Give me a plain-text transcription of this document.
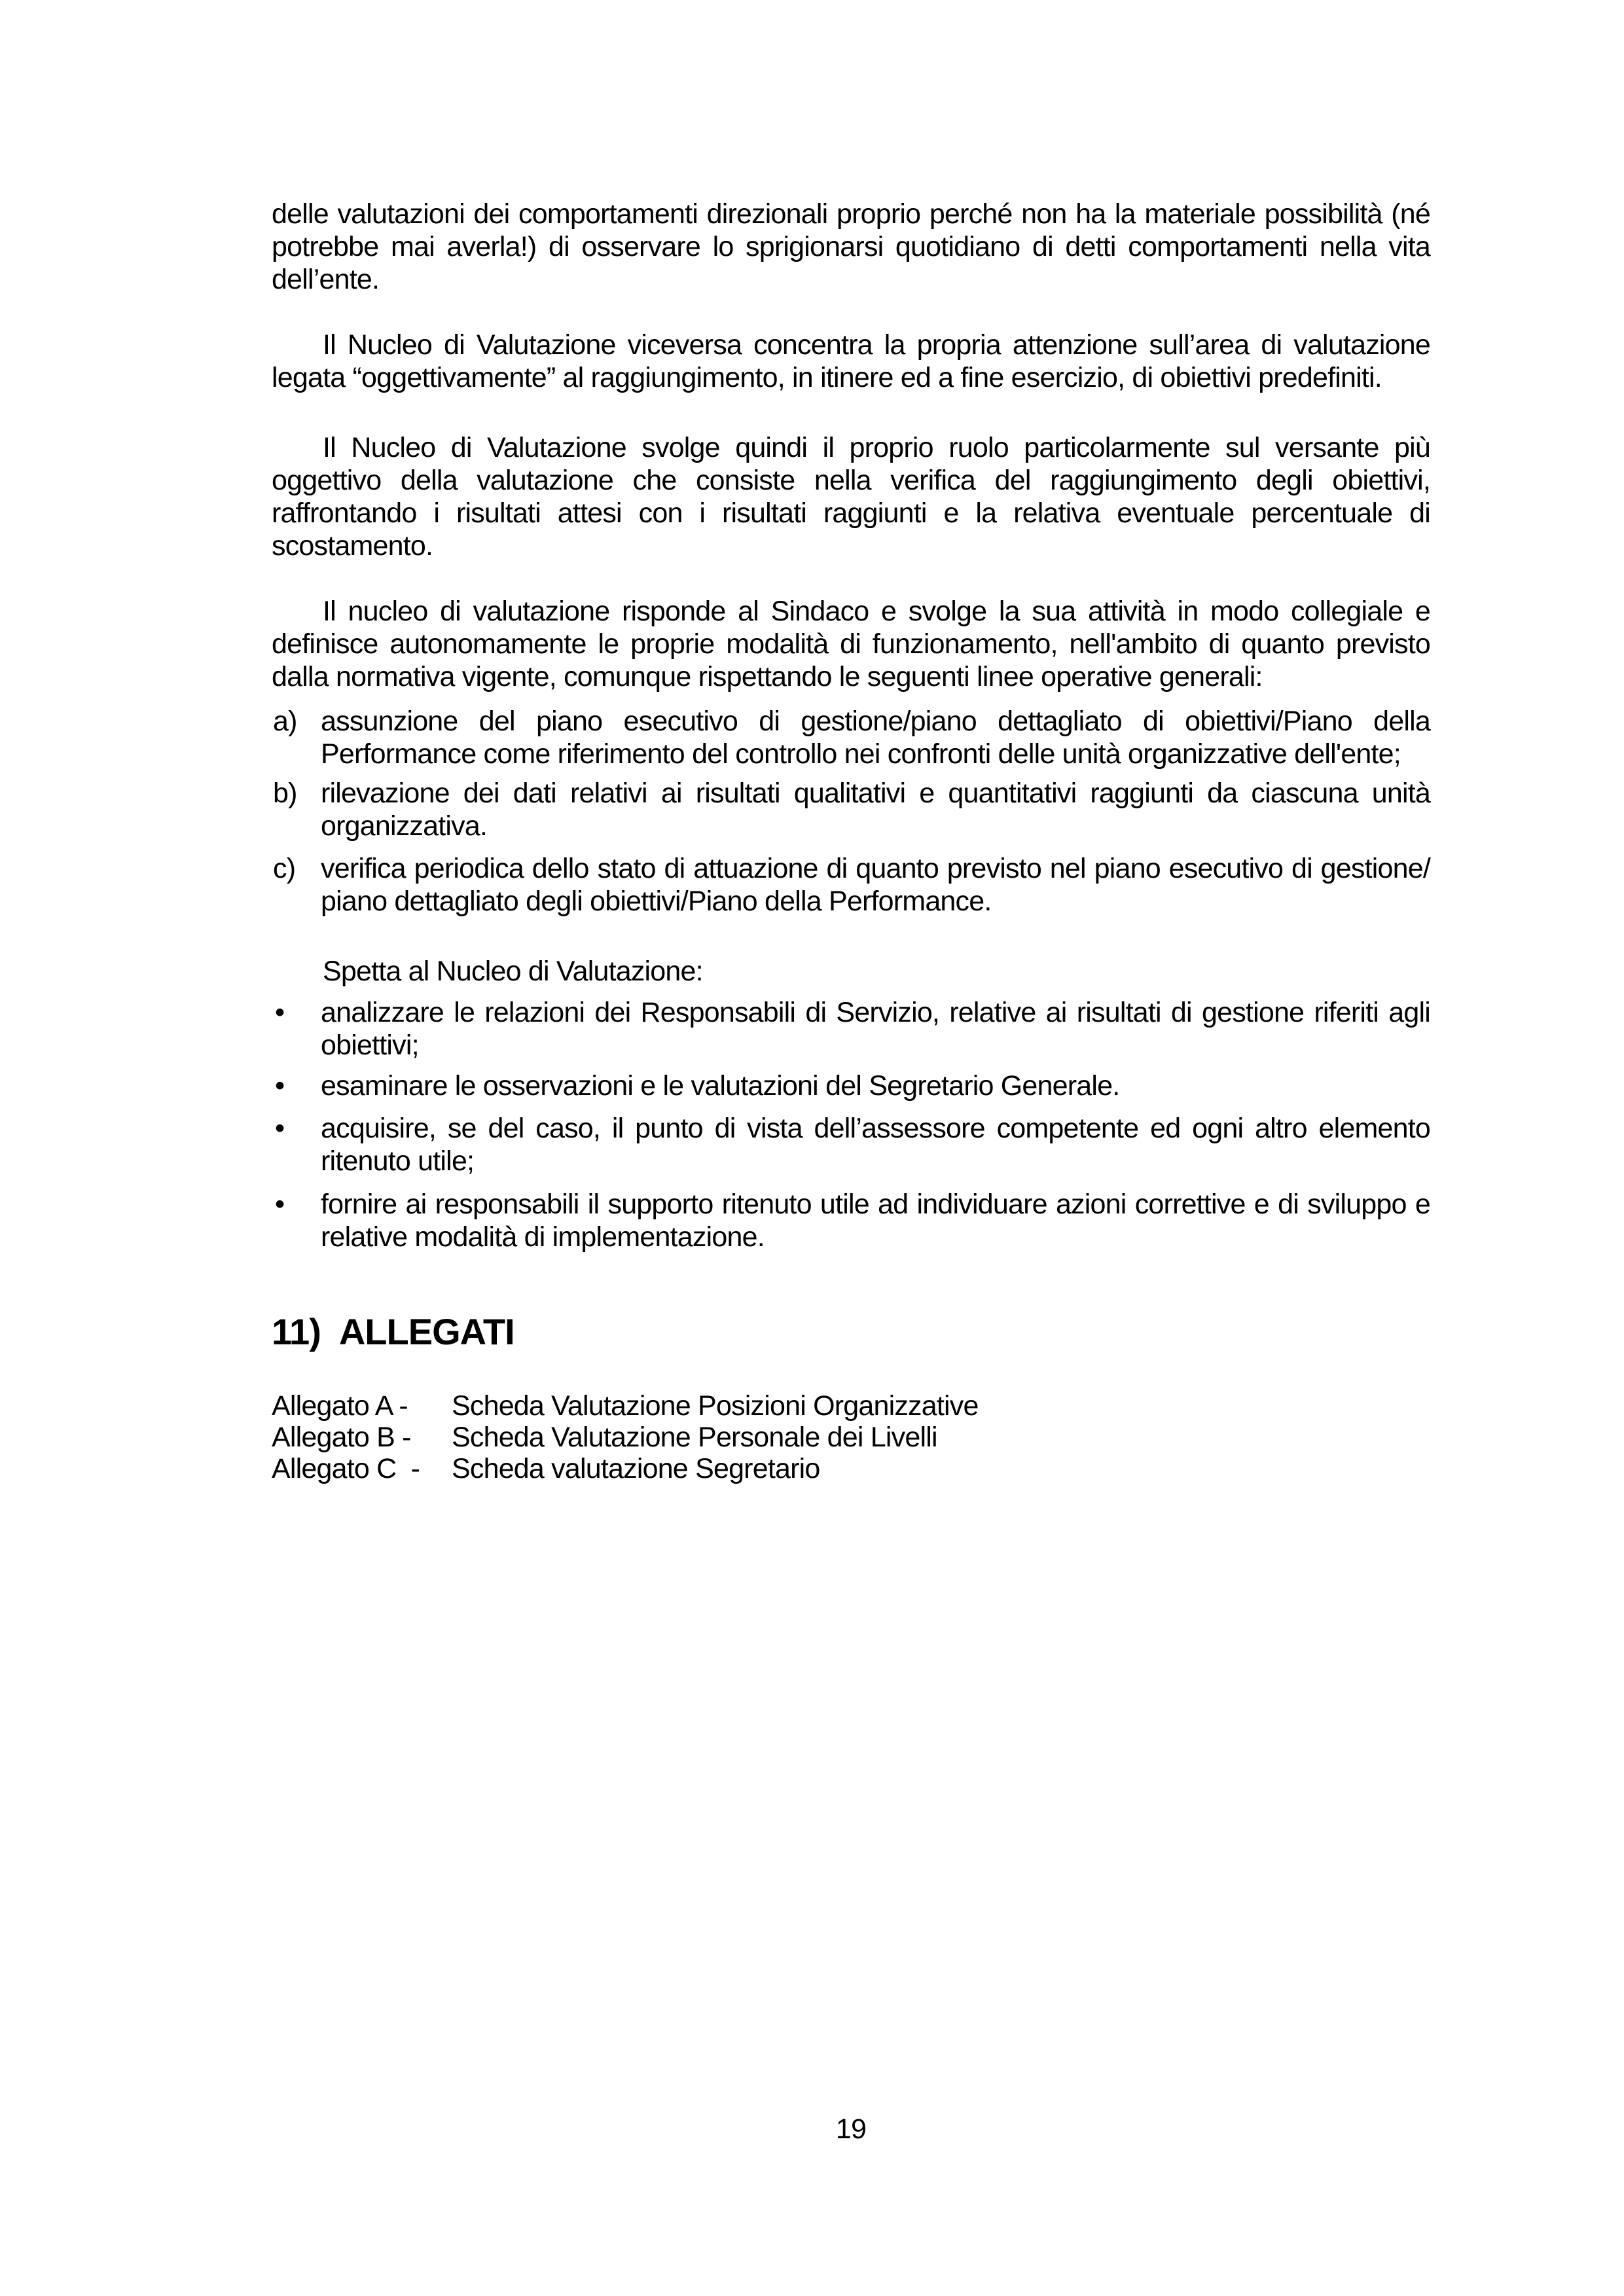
delle valutazioni dei comportamenti direzionali proprio perché non ha la materiale possibilità (né potrebbe mai averla!) di osservare lo sprigionarsi quotidiano di detti comportamenti nella vita dell’ente.

Il Nucleo di Valutazione viceversa concentra la propria attenzione sull’area di valutazione legata “oggettivamente” al raggiungimento, in itinere ed a fine esercizio, di obiettivi predefiniti.

Il Nucleo di Valutazione svolge quindi il proprio ruolo particolarmente sul versante più oggettivo della valutazione che consiste nella verifica del raggiungimento degli obiettivi, raffrontando i risultati attesi con i risultati raggiunti e la relativa eventuale percentuale di scostamento.

Il nucleo di valutazione risponde al Sindaco e svolge la sua attività in modo collegiale e definisce autonomamente le proprie modalità di funzionamento, nell'ambito di quanto previsto dalla normativa vigente, comunque rispettando le seguenti linee operative generali:

a) assunzione del piano esecutivo di gestione/piano dettagliato di obiettivi/Piano della Performance come riferimento del controllo nei confronti delle unità organizzative dell'ente;
b) rilevazione dei dati relativi ai risultati qualitativi e quantitativi raggiunti da ciascuna unità organizzativa.
c) verifica periodica dello stato di attuazione di quanto previsto nel piano esecutivo di gestione/ piano dettagliato degli obiettivi/Piano della Performance.

Spetta al Nucleo di Valutazione:

•	analizzare le relazioni dei Responsabili di Servizio, relative ai risultati di gestione riferiti agli obiettivi;
•	esaminare le osservazioni e le valutazioni del Segretario Generale.
•	acquisire, se del caso, il punto di vista dell’assessore competente ed ogni altro elemento ritenuto utile;
•	fornire ai responsabili il supporto ritenuto utile ad individuare azioni correttive e di sviluppo e relative modalità di implementazione.
11) ALLEGATI
Allegato A -	Scheda Valutazione Posizioni Organizzative
Allegato B -	Scheda Valutazione Personale dei Livelli
Allegato C  -	Scheda valutazione Segretario
19
